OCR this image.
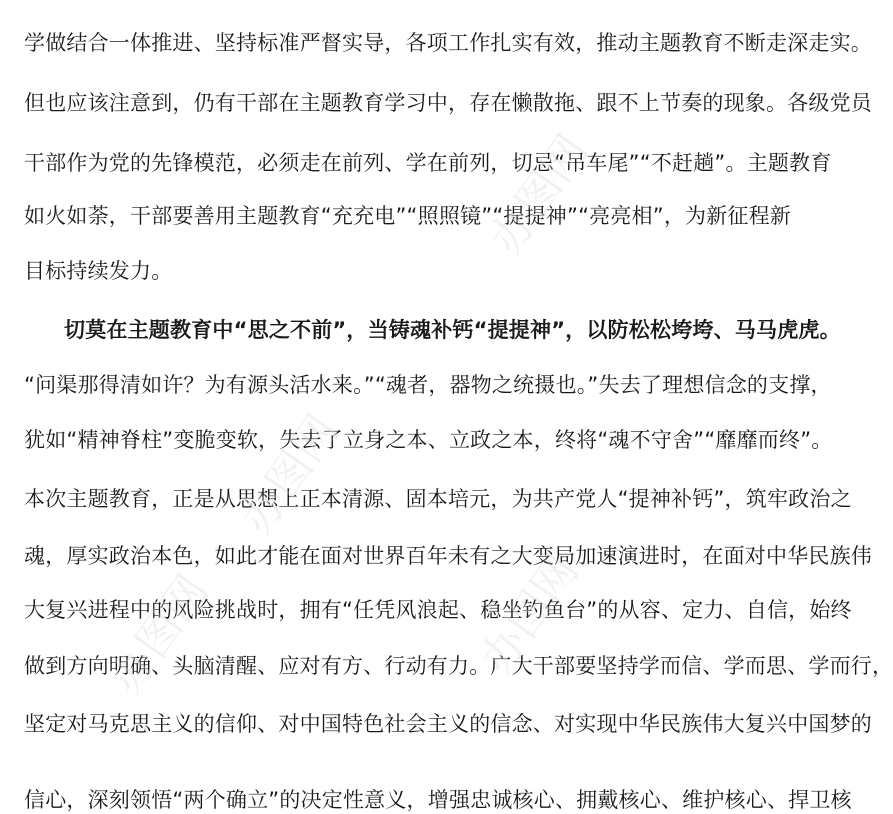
学做结合一体推进、坚持标准严督实导，各项工作扎实有效，推动主题教育不断走深走实。
但也应该注意到，仍有干部在主题教育学习中，存在懒散拖、跟不上节奏的现象。各级党员
干部作为党的先锋模范，必须走在前列、学在前列，切忌“吊车尾”“不赶趟”。主题教育
如火如荼，干部要善用主题教育“充充电”“照照镜”“提提神”“亮亮相”，为新征程新
目标持续发力。
切莫在主题教育中“思之不前”，当铸魂补钙“提提神”，以防松松垮垮、马马虎虎。
“问渠那得清如许？为有源头活水来。”“魂者，器物之统摄也。”失去了理想信念的支撑，
犹如“精神脊柱”变脆变软，失去了立身之本、立政之本，终将“魂不守舍”“靡靡而终”。
本次主题教育，正是从思想上正本清源、固本培元，为共产党人“提神补钙”，筑牢政治之
魂，厚实政治本色，如此才能在面对世界百年未有之大变局加速演进时，在面对中华民族伟
大复兴进程中的风险挑战时，拥有“任凭风浪起、稳坐钓鱼台”的从容、定力、自信，始终
做到方向明确、头脑清醒、应对有方、行动有力。广大干部要坚持学而信、学而思、学而行，
坚定对马克思主义的信仰、对中国特色社会主义的信念、对实现中华民族伟大复兴中国梦的
信心，深刻领悟“两个确立”的决定性意义，增强忠诚核心、拥戴核心、维护核心、捍卫核
办图网
办图网
办图网
办图网
